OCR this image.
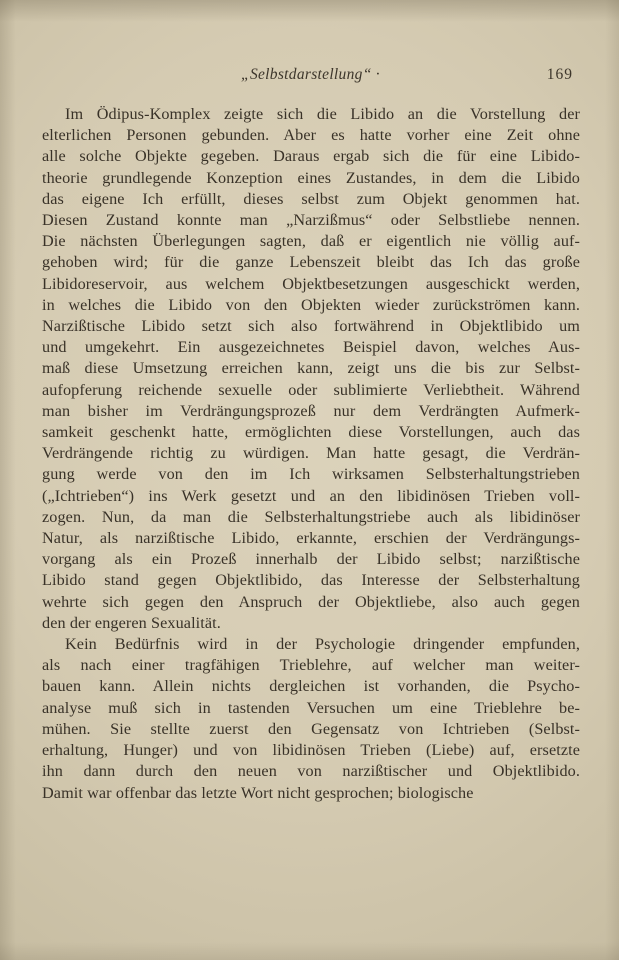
„Selbstdarstellung“ ·	169
Im Ödipus-Komplex zeigte sich die Libido an die Vorstellung der
elterlichen Personen gebunden. Aber es hatte vorher eine Zeit ohne
alle solche Objekte gegeben. Daraus ergab sich die für eine Libido-
theorie grundlegende Konzeption eines Zustandes, in dem die Libido
das eigene Ich erfüllt, dieses selbst zum Objekt genommen hat.
Diesen Zustand konnte man „Narzißmus“ oder Selbstliebe nennen.
Die nächsten Überlegungen sagten, daß er eigentlich nie völlig auf-
gehoben wird; für die ganze Lebenszeit bleibt das Ich das große
Libidoreservoir, aus welchem Objektbesetzungen ausgeschickt werden,
in welches die Libido von den Objekten wieder zurückströmen kann.
Narzißtische Libido setzt sich also fortwährend in Objektlibido um
und umgekehrt. Ein ausgezeichnetes Beispiel davon, welches Aus-
maß diese Umsetzung erreichen kann, zeigt uns die bis zur Selbst-
aufopferung reichende sexuelle oder sublimierte Verliebtheit. Während
man bisher im Verdrängungsprozeß nur dem Verdrängten Aufmerk-
samkeit geschenkt hatte, ermöglichten diese Vorstellungen, auch das
Verdrängende richtig zu würdigen. Man hatte gesagt, die Verdrän-
gung werde von den im Ich wirksamen Selbsterhaltungstrieben
(„Ichtrieben“) ins Werk gesetzt und an den libidinösen Trieben voll-
zogen. Nun, da man die Selbsterhaltungstriebe auch als libidinöser
Natur, als narzißtische Libido, erkannte, erschien der Verdrängungs-
vorgang als ein Prozeß innerhalb der Libido selbst; narzißtische
Libido stand gegen Objektlibido, das Interesse der Selbsterhaltung
wehrte sich gegen den Anspruch der Objektliebe, also auch gegen
den der engeren Sexualität.
Kein Bedürfnis wird in der Psychologie dringender empfunden,
als nach einer tragfähigen Trieblehre, auf welcher man weiter-
bauen kann. Allein nichts dergleichen ist vorhanden, die Psycho-
analyse muß sich in tastenden Versuchen um eine Trieblehre be-
mühen. Sie stellte zuerst den Gegensatz von Ichtrieben (Selbst-
erhaltung, Hunger) und von libidinösen Trieben (Liebe) auf, ersetzte
ihn dann durch den neuen von narzißtischer und Objektlibido.
Damit war offenbar das letzte Wort nicht gesprochen; biologische
